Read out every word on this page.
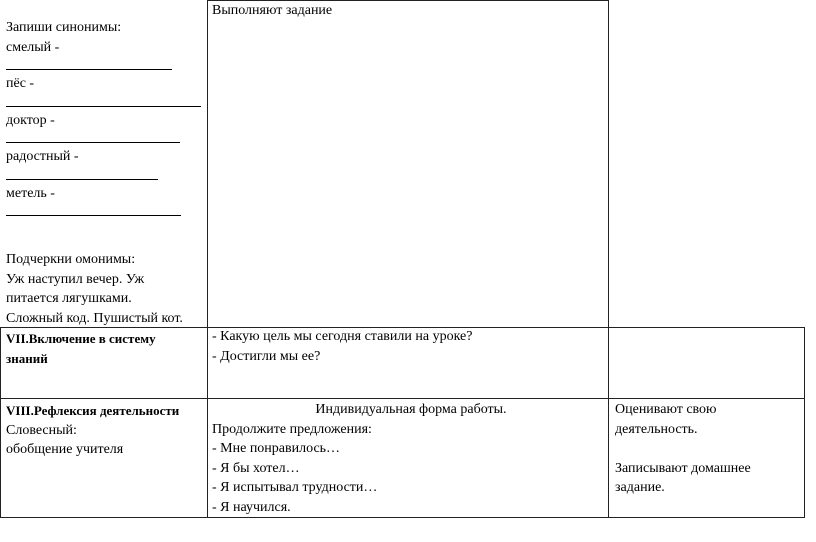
Запиши синонимы:
смелый -
пёс -
доктор -
радостный -
метель -
Подчеркни омонимы:
Уж наступил вечер. Уж
питается лягушками.
Сложный код. Пушистый кот.
Выполняют задание
VII.Включение в систему
знаний
- Какую цель мы сегодня ставили на уроке?
- Достигли мы ее?
VIII.Рефлексия деятельности
Словесный:
обобщение учителя
Индивидуальная форма работы.
Продолжите предложения:
- Мне понравилось…
- Я бы хотел…
- Я испытывал трудности…
- Я научился.
Оценивают свою
деятельность.
Записывают домашнее
задание.
